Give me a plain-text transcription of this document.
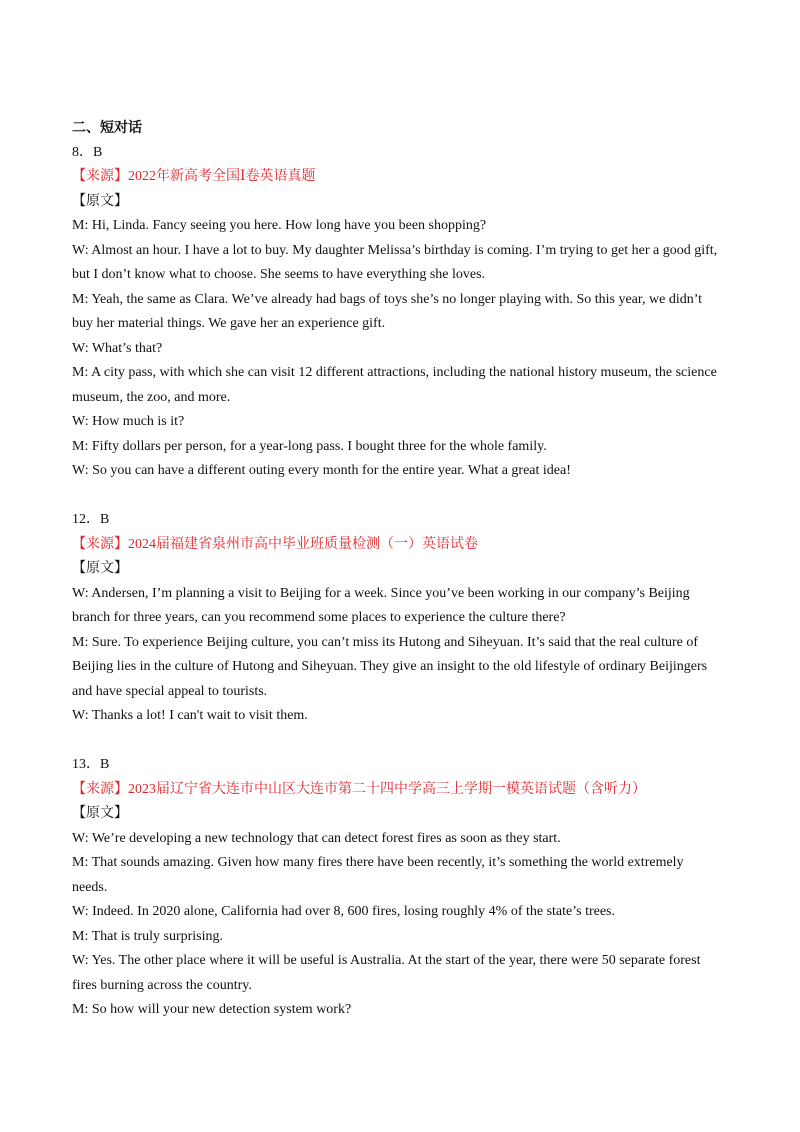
二、短对话
8．B
【来源】2022年新高考全国Ⅰ卷英语真题
【原文】
M: Hi, Linda. Fancy seeing you here. How long have you been shopping?
W: Almost an hour. I have a lot to buy. My daughter Melissa’s birthday is coming. I’m trying to get her a good gift,
but I don’t know what to choose. She seems to have everything she loves.
M: Yeah, the same as Clara. We’ve already had bags of toys she’s no longer playing with. So this year, we didn’t
buy her material things. We gave her an experience gift.
W: What’s that?
M: A city pass, with which she can visit 12 different attractions, including the national history museum, the science
museum, the zoo, and more.
W: How much is it?
M: Fifty dollars per person, for a year-long pass. I bought three for the whole family.
W: So you can have a different outing every month for the entire year. What a great idea!
12．B
【来源】2024届福建省泉州市高中毕业班质量检测（一）英语试卷
【原文】
W: Andersen, I’m planning a visit to Beijing for a week. Since you’ve been working in our company’s Beijing
branch for three years, can you recommend some places to experience the culture there?
M: Sure. To experience Beijing culture, you can’t miss its Hutong and Siheyuan. It’s said that the real culture of
Beijing lies in the culture of Hutong and Siheyuan. They give an insight to the old lifestyle of ordinary Beijingers
and have special appeal to tourists.
W: Thanks a lot! I can't wait to visit them.
13．B
【来源】2023届辽宁省大连市中山区大连市第二十四中学高三上学期一模英语试题（含听力）
【原文】
W: We’re developing a new technology that can detect forest fires as soon as they start.
M: That sounds amazing. Given how many fires there have been recently, it’s something the world extremely
needs.
W: Indeed. In 2020 alone, California had over 8, 600 fires, losing roughly 4% of the state’s trees.
M: That is truly surprising.
W: Yes. The other place where it will be useful is Australia. At the start of the year, there were 50 separate forest
fires burning across the country.
M: So how will your new detection system work?
